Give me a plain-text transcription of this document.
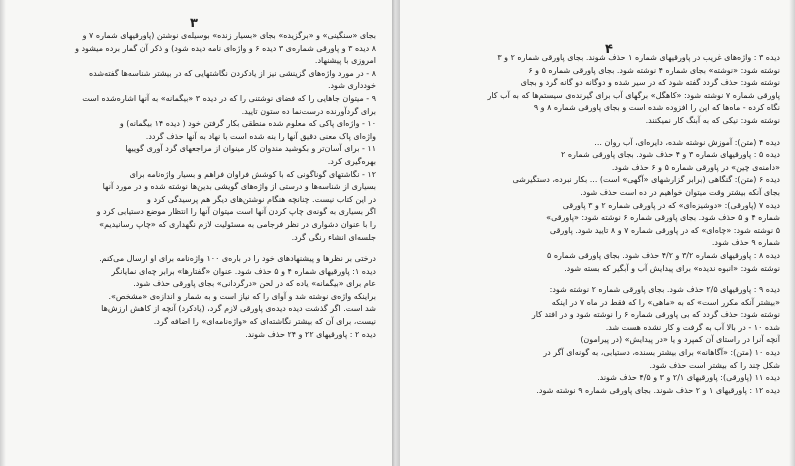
۳
بجای «سنگینی» و «برگزیده» بجای «بسیار زنده» بوسیله‌ی نوشتن (پاورقیهای شماره ۷ و
۸ دیده ۳ و پاورقی شماره‌ی ۳ دیده ۶ و واژه‌ای نامه دیده شود) و ذکر آن گمار برده میشود و
امروزی با پیشنهاد.
۸ - در مورد واژه‌های گزینشی نیز از یادکردن نگاشتهایی که در بیشتر شناسه‌ها گفته‌شده
خودداری شود.
۹ - میتوان جاهایی را که فضای نوشتنی را که در دیده ۳ «بیگمانه» به آنها اشاره‌شده است
برای گردآورنده درست‌نما ده ستون تایید.
۱۰ - واژه‌ای پاکی که معلوم شده منطقی بکار گرفتن خود ( دیده ۱۴ بیگمانه) و
واژه‌ای پاک معنی دقیق آنها را بنه شده است با نهاد به آنها حذف گردد.
۱۱ - برای آسان‌تر و بکوشید مندوان کار مینوان از مراجعهای گرد آوری گوییها
بهره‌گیری کرد.
۱۲ - نگاشتهای گوناگونی که با کوشش فراوان فراهم و بسیار واژه‌نامه برای
بسیاری از شناسه‌ها و درستی از واژه‌های گویشی بدین‌ها نوشته شده و در مورد آنها
در این کتاب نیست. چنانچه هنگام نوشتن‌های دیگر هم پرسیدگی کرد و
اگر بسیاری به گونه‌ی چاپ کردن آنها است میتوان آنها را انتظار موضع دستیابی کرد و
را با عنوان دشواری در نظر فرجامی به مسئولیت لازم نگهداری که «چاپ رسانیدیم»
جلسه‌ای انشاء رنگی گرد.
درختی بر نظرها و پیشنهادهای خود را در باره‌ی ۱۰۰ واژه‌نامه برای او ارسال می‌کنم.
دیده ۱: پاورقیهای شماره ۴ و ۵ حذف شود. عنوان «گفتارها» برابر چه‌ای نمایانگر
عام برای «بیگمانه» یاده که در لحن «درگردانی» بجای پاورقی حذف شود.
براینکه واژه‌ی نوشته شد و آوای را که نیاز است و به شمار و اندازه‌ی «مشخص».
شد است. اگر گذشت دیده دیده‌ی پاورقی لازم گرد، (یادکرد) آنچه از کاهش ارزش‌ها
نیست، برای آن که بیشتر نگاشته‌ای که «واژه‌نامه‌ای» را اضافه گرد.
دیده ۲ : پاورقیهای ۲۲ و ۲۴ حذف شوند.
۴
دیده ۳ : واژه‌های غریب در پاورقیهای شماره ۱ حذف شوند. بجای پاورقی شماره ۲ و ۳
نوشته شود: «نوشته» بجای شماره ۴ نوشته شود. بجای پاورقی شماره ۵ و ۶
نوشته شود: حذف گردد گفته شود که در سیر شده و دوگانه دو گانه گرد و بجای
پاورقی شماره ۷ نوشته شود: «کاهگل» برگهای آب برای گیرنده‌ی سیستم‌ها که به آب کار
نگاه کرده - ماه‌ها که این را افزوده شده است و بجای پاورقی شماره ۸ و ۹
نوشته شود: نیکی که به آبنگ کار نمیکنند.
دیده ۴ (متن): آموزش نوشته شده، دایره‌ای، آب روان ...
دیده ۵ : پاورقیهای شماره ۳ و ۴ حذف شود. بجای پاورقی شماره ۲
«دامنه‌ی چین» در پاورقی شماره ۵ و ۶ حذف شود.
دیده ۶ (متن): گنگاهی (برابر گزارشهای «آگهی» است) ... بکار نبرده، دستگیرشی
بجای آنکه بیشتر وقت میتوان خواهیم در ده است حذف شود.
دیده ۷ (پاورقی): «دوشیزه‌ای» که در پاورقی شماره ۲ و ۳ پاورقی
شماره ۴ و ۵ حذف شود. بجای پاورقی شماره ۶ نوشته شود: «پاورقی»
۵ نوشته شود: «چاه‌ای» که در پاورقی شماره ۷ و ۸ تایید شود. پاورقی
شماره ۹ حذف شود.
دیده ۸ : پاورقیهای شماره ۳/۲ و ۴/۲ حذف شود. بجای پاورقی شماره ۵
نوشته شود: «انبوه ندیده» برای پیدایش آب و آبگیر که بسته شود.
دیده ۹ : پاورقیهای ۲/۵ حذف شود. بجای پاورقی شماره ۲ نوشته شود:
«بیشتر آنکه مکرر است» که به «ماهی» را که فقط در ماه ۷ در اینکه
نوشته شود: حذف گردد که بی پاورقی شماره ۶ را نوشته شود و در افتد کار
شده ۱۰ - در بالا آب به گرفت و کار نشده هست شد.
آنچه آنرا در راستای آن کمپرد و یا «در پیدایش» (در پیرامون)
دیده ۱۰ (متن): «آگاهانه» برای بیشتر بسنده، دستیابی، به گونه‌ای آگر در
شکل چند را که بیشتر است حذف شود.
دیده ۱۱ (پاورقی): پاورقیهای ۲/۱ و ۳ و ۴/۵ حذف شوند.
دیده ۱۲ : پاورقیهای ۱ و ۲ حذف شوند. بجای پاورقی شماره ۹ نوشته شود.
